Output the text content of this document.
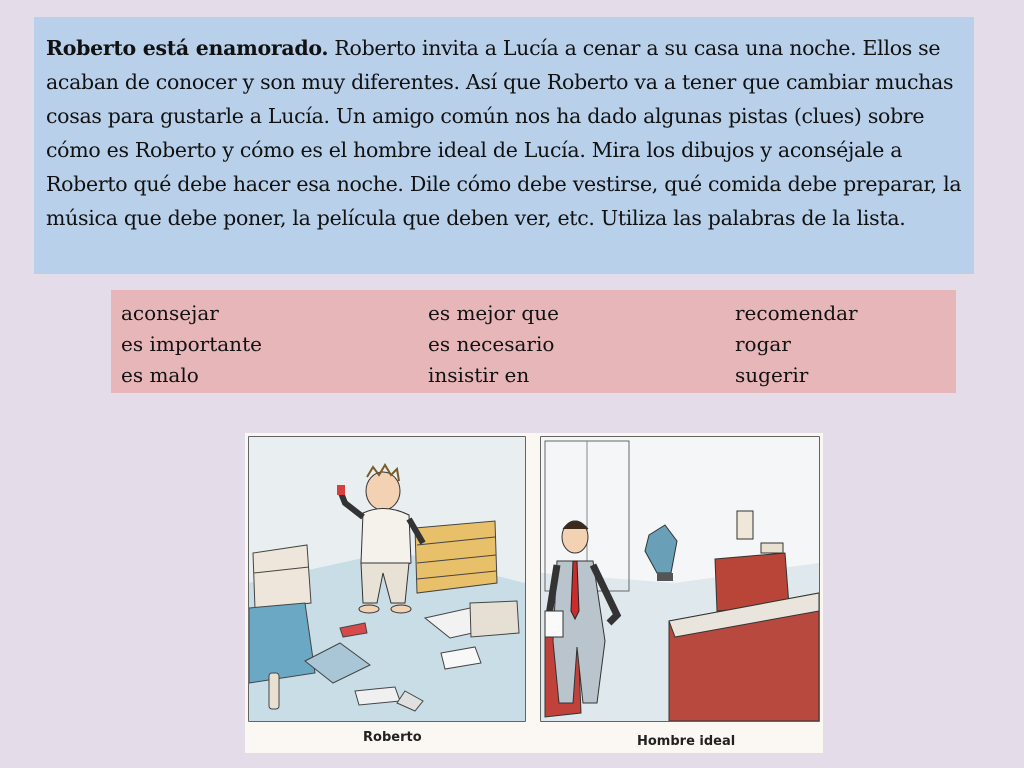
Roberto está enamorado. Roberto invita a Lucía a cenar a su casa una noche. Ellos se acaban de conocer y son muy diferentes. Así que Roberto va a tener que cambiar muchas cosas para gustarle a Lucía. Un amigo común nos ha dado algunas pistas (clues) sobre cómo es Roberto y cómo es el hombre ideal de Lucía. Mira los dibujos y aconséjale a Roberto qué debe hacer esa noche. Dile cómo debe vestirse, qué comida debe preparar, la música que debe poner, la película que deben ver, etc. Utiliza las palabras de la lista.
aconsejar
es importante
es malo
es mejor que
es necesario
insistir en
recomendar
rogar
sugerir
Roberto	Hombre ideal
